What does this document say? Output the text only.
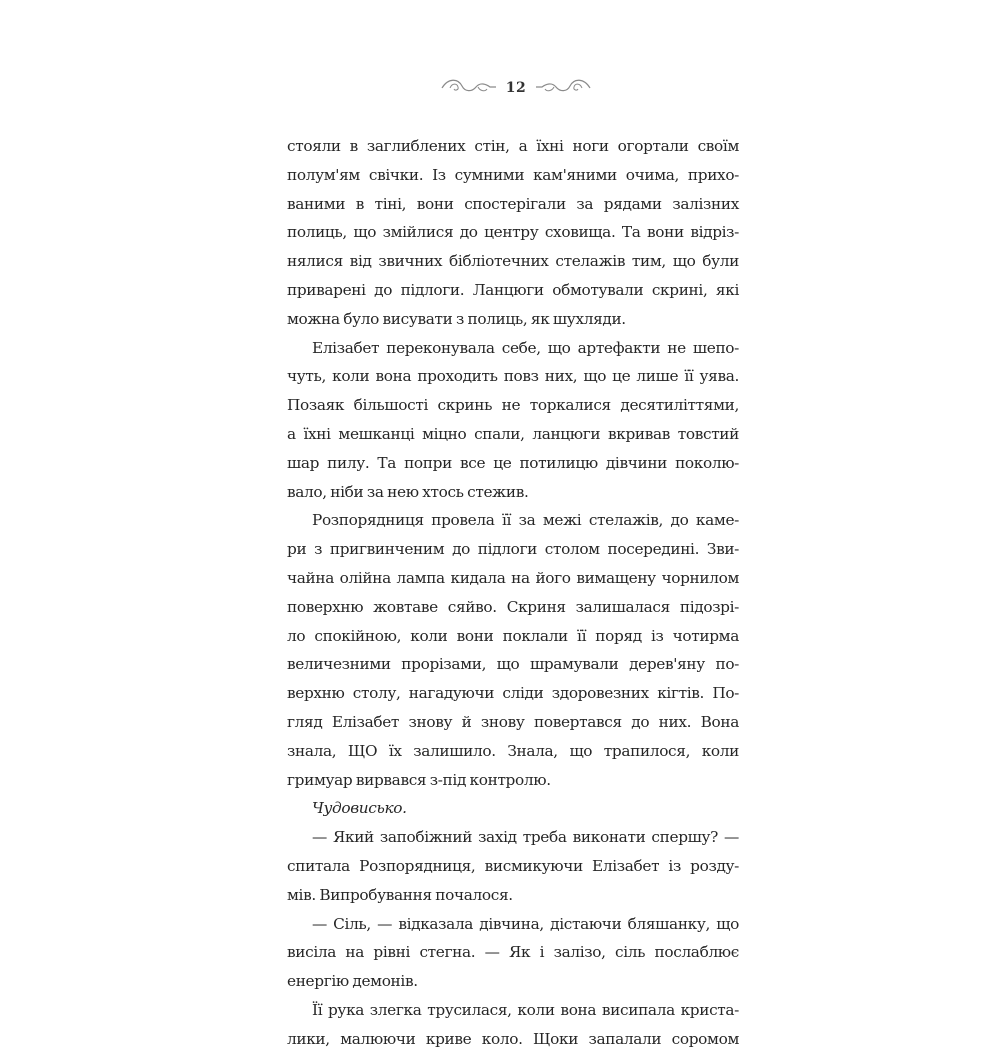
12
стояли в заглиблених стін, а їхні ноги огортали своїм
полум'ям свічки. Із сумними кам'яними очима, прихо-
ваними в тіні, вони спостерігали за рядами залізних
полиць, що змійлися до центру сховища. Та вони відріз-
нялися від звичних бібліотечних стелажів тим, що були
приварені до підлоги. Ланцюги обмотували скрині, які
можна було висувати з полиць, як шухляди.
Елізабет переконувала себе, що артефакти не шепо-
чуть, коли вона проходить повз них, що це лише її уява.
Позаяк більшості скринь не торкалися десятиліттями,
а їхні мешканці міцно спали, ланцюги вкривав товстий
шар пилу. Та попри все це потилицю дівчини поколю-
вало, ніби за нею хтось стежив.
Розпорядниця провела її за межі стелажів, до каме-
ри з пригвинченим до підлоги столом посередині. Зви-
чайна олійна лампа кидала на його вимащену чорнилом
поверхню жовтаве сяйво. Скриня залишалася підозрі-
ло спокійною, коли вони поклали її поряд із чотирма
величезними прорізами, що шрамували дерев'яну по-
верхню столу, нагадуючи сліди здоровезних кігтів. По-
гляд Елізабет знову й знову повертався до них. Вона
знала, ЩО їх залишило. Знала, що трапилося, коли
гримуар вирвався з-під контролю.
Чудовисько.
— Який запобіжний захід треба виконати спершу? —
спитала Розпорядниця, висмикуючи Елізабет із розду-
мів. Випробування почалося.
— Сіль, — відказала дівчина, дістаючи бляшанку, що
висіла на рівні стегна. — Як і залізо, сіль послаблює
енергію демонів.
Її рука злегка трусилася, коли вона висипала криста-
лики, малюючи криве коло. Щоки запалали соромом
